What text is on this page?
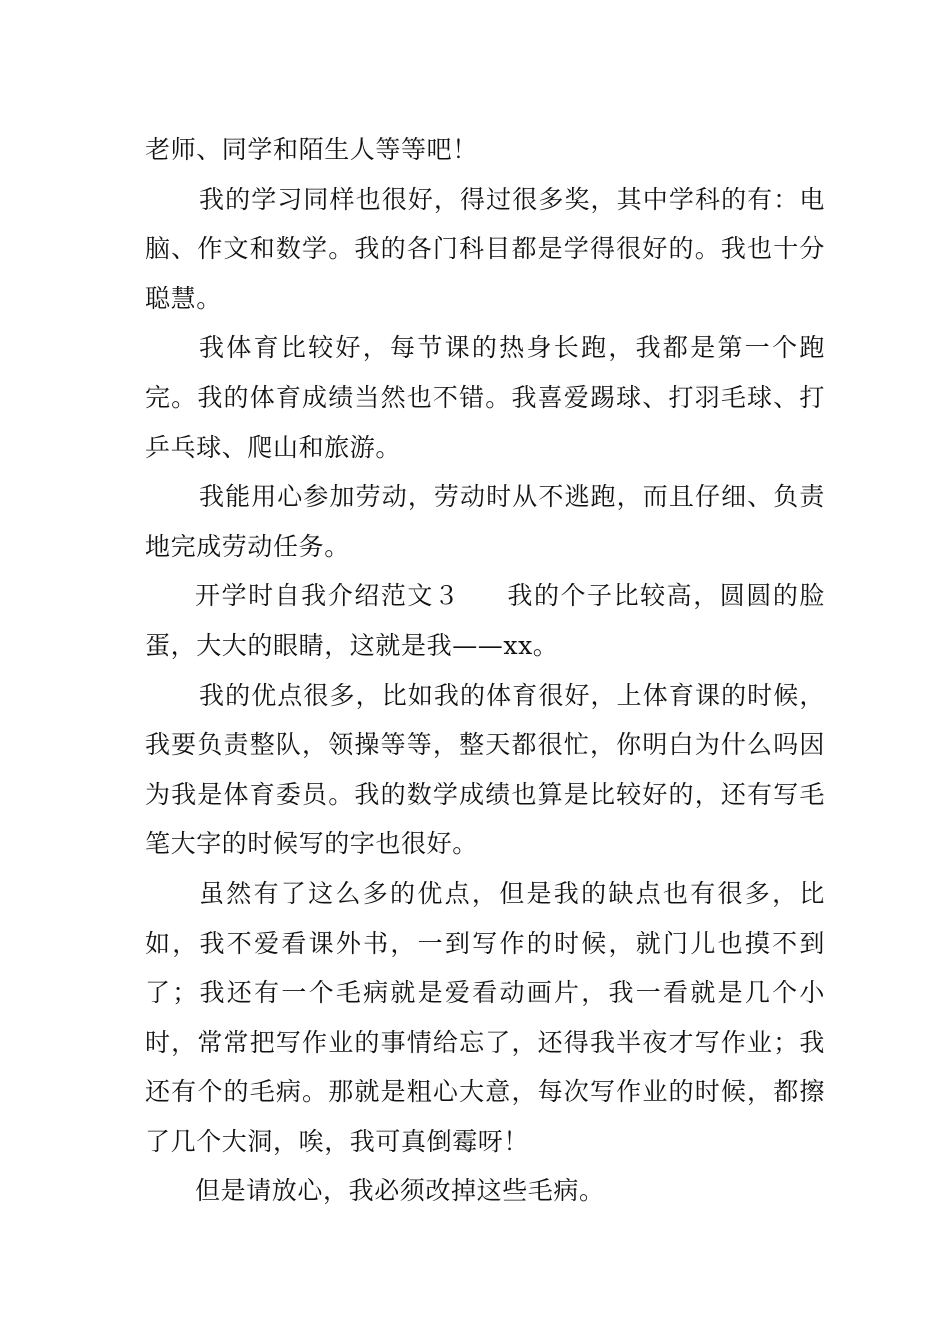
老师、同学和陌生人等等吧！

我的学习同样也很好，得过很多奖，其中学科的有：电脑、作文和数学。我的各门科目都是学得很好的。我也十分聪慧。

我体育比较好，每节课的热身长跑，我都是第一个跑完。我的体育成绩当然也不错。我喜爱踢球、打羽毛球、打乒乓球、爬山和旅游。

我能用心参加劳动，劳动时从不逃跑，而且仔细、负责地完成劳动任务。

开学时自我介绍范文３ 我的个子比较高，圆圆的脸蛋，大大的眼睛，这就是我——xx。

我的优点很多，比如我的体育很好，上体育课的时候，我要负责整队，领操等等，整天都很忙，你明白为什么吗因为我是体育委员。我的数学成绩也算是比较好的，还有写毛笔大字的时候写的字也很好。

虽然有了这么多的优点，但是我的缺点也有很多，比如，我不爱看课外书，一到写作的时候，就门儿也摸不到了；我还有一个毛病就是爱看动画片，我一看就是几个小时，常常把写作业的事情给忘了，还得我半夜才写作业；我还有个的毛病。那就是粗心大意，每次写作业的时候，都擦了几个大洞，唉，我可真倒霉呀！

但是请放心，我必须改掉这些毛病。
